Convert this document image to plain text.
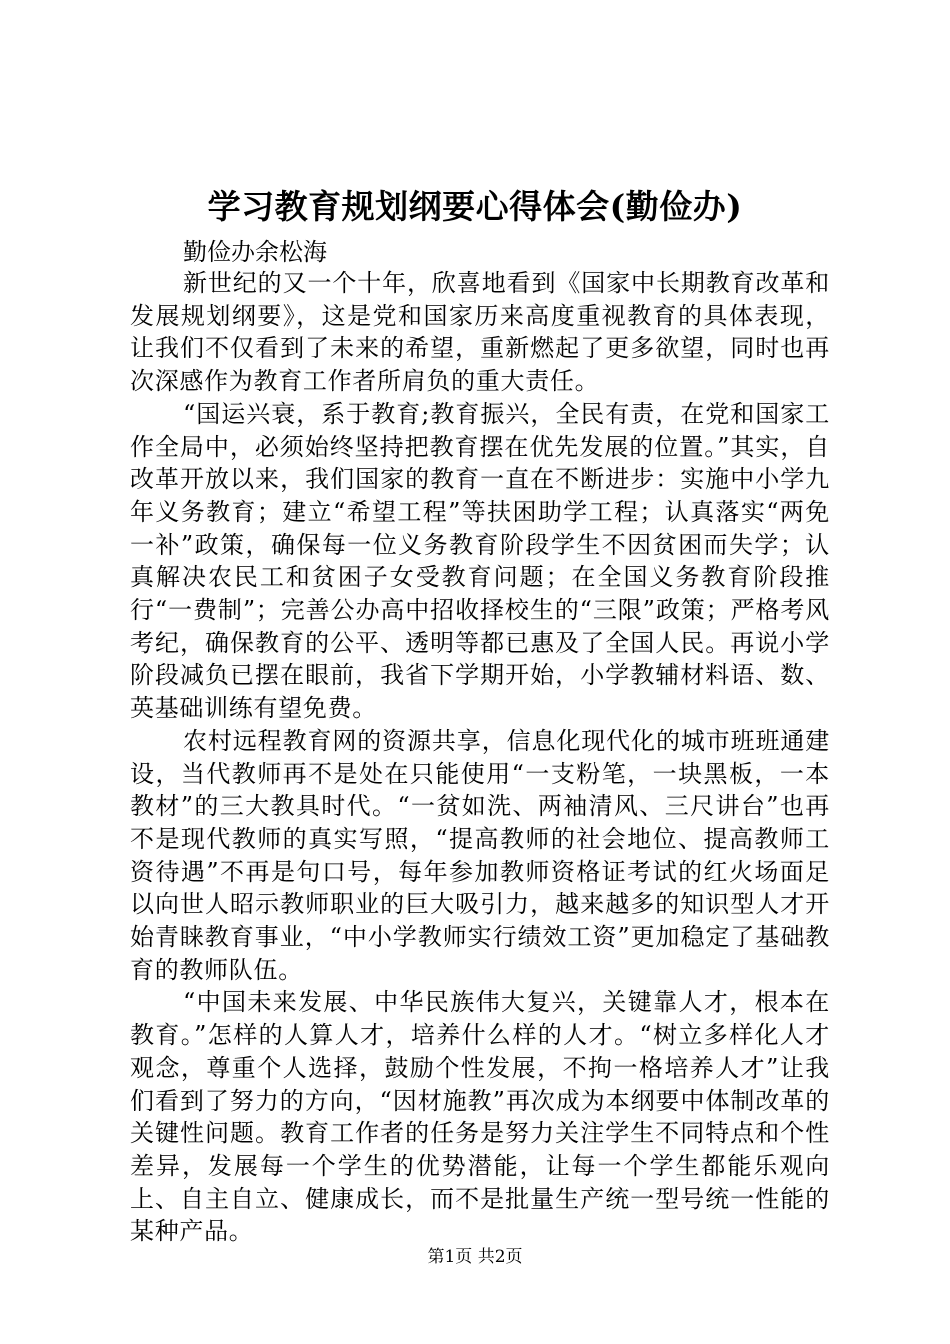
学习教育规划纲要心得体会(勤俭办)
勤俭办余松海

新世纪的又一个十年，欣喜地看到《国家中长期教育改革和发展规划纲要》，这是党和国家历来高度重视教育的具体表现，让我们不仅看到了未来的希望，重新燃起了更多欲望，同时也再次深感作为教育工作者所肩负的重大责任。

“国运兴衰，系于教育;教育振兴，全民有责，在党和国家工作全局中，必须始终坚持把教育摆在优先发展的位置。”其实，自改革开放以来，我们国家的教育一直在不断进步：实施中小学九年义务教育；建立“希望工程”等扶困助学工程；认真落实“两免一补”政策，确保每一位义务教育阶段学生不因贫困而失学；认真解决农民工和贫困子女受教育问题；在全国义务教育阶段推行“一费制”；完善公办高中招收择校生的“三限”政策；严格考风考纪，确保教育的公平、透明等都已惠及了全国人民。再说小学阶段减负已摆在眼前，我省下学期开始，小学教辅材料语、数、英基础训练有望免费。

农村远程教育网的资源共享，信息化现代化的城市班班通建设，当代教师再不是处在只能使用“一支粉笔，一块黑板，一本教材”的三大教具时代。“一贫如洗、两袖清风、三尺讲台”也再不是现代教师的真实写照，“提高教师的社会地位、提高教师工资待遇”不再是句口号，每年参加教师资格证考试的红火场面足以向世人昭示教师职业的巨大吸引力，越来越多的知识型人才开始青睐教育事业，“中小学教师实行绩效工资”更加稳定了基础教育的教师队伍。

“中国未来发展、中华民族伟大复兴，关键靠人才，根本在教育。”怎样的人算人才，培养什么样的人才。“树立多样化人才观念，尊重个人选择，鼓励个性发展，不拘一格培养人才”让我们看到了努力的方向，“因材施教”再次成为本纲要中体制改革的关键性问题。教育工作者的任务是努力关注学生不同特点和个性差异，发展每一个学生的优势潜能，让每一个学生都能乐观向上、自主自立、健康成长，而不是批量生产统一型号统一性能的某种产品。

第1页 共2页
